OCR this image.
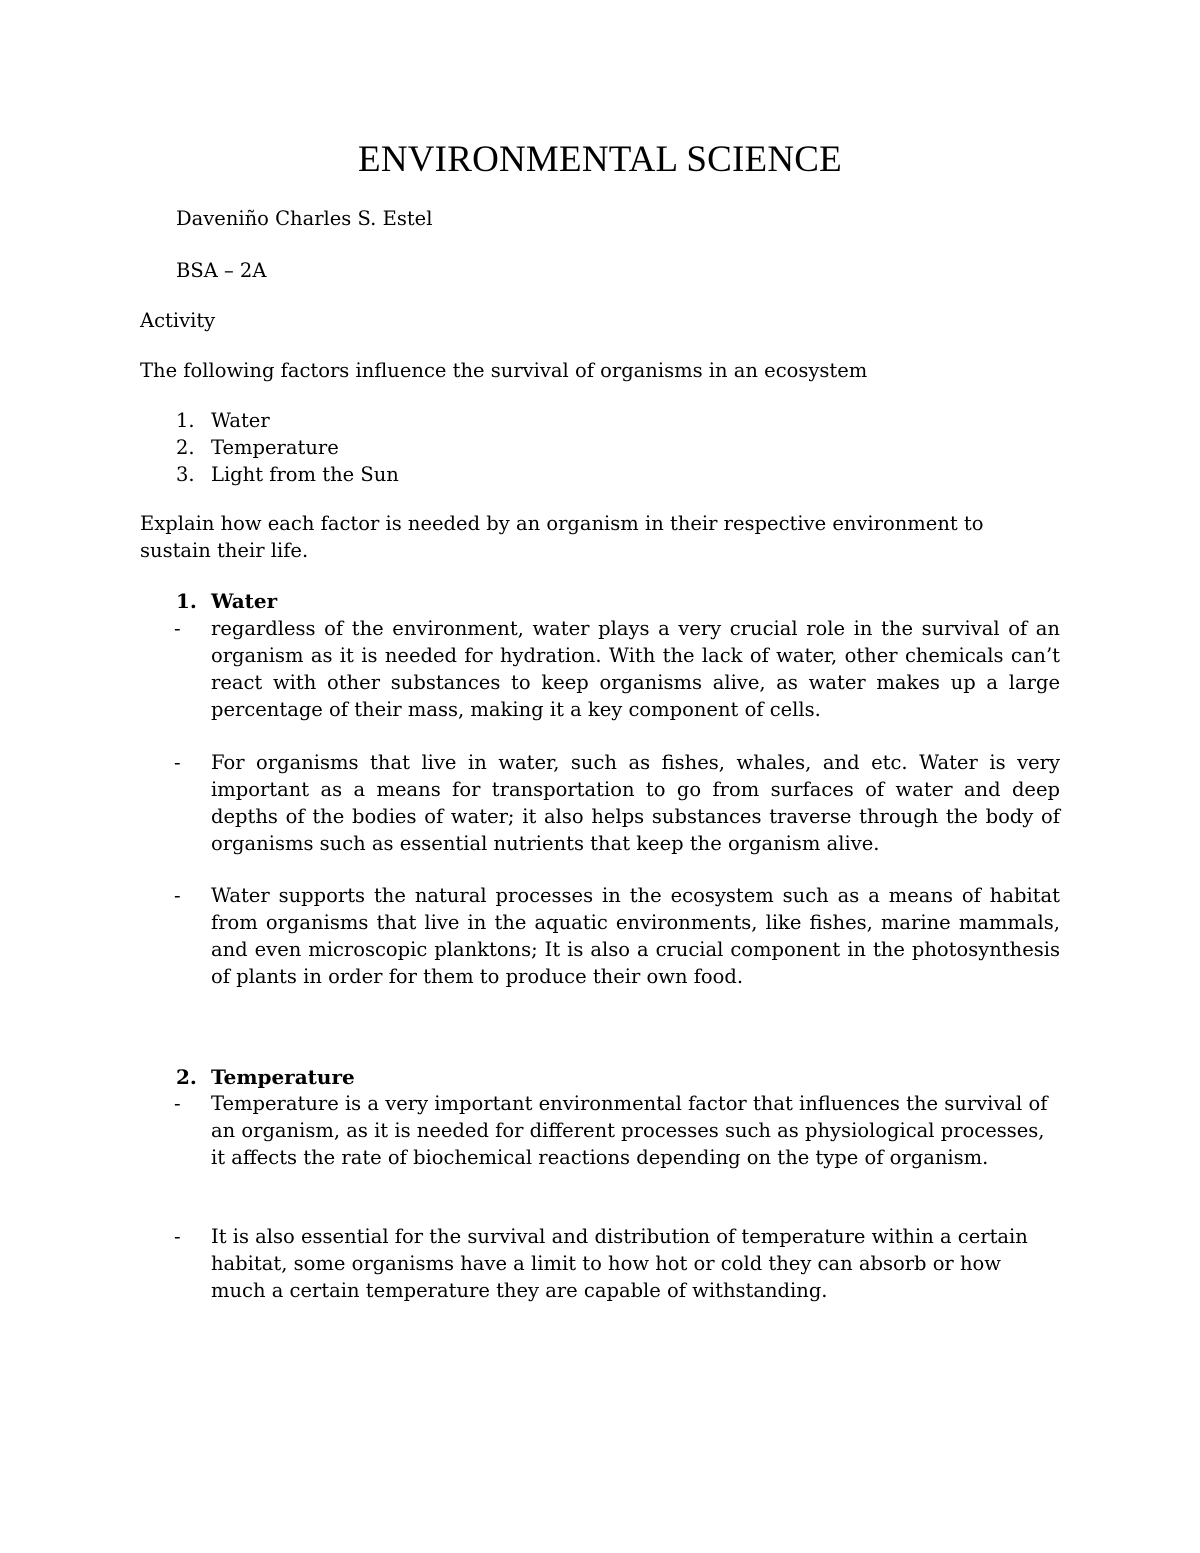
ENVIRONMENTAL SCIENCE
Daveniño Charles S. Estel
BSA – 2A
Activity
The following factors influence the survival of organisms in an ecosystem
1. Water
2. Temperature
3. Light from the Sun
Explain how each factor is needed by an organism in their respective environment to
sustain their life.
1. Water
- regardless of the environment, water plays a very crucial role in the survival of an organism as it is needed for hydration. With the lack of water, other chemicals can’t react with other substances to keep organisms alive, as water makes up a large percentage of their mass, making it a key component of cells.
- For organisms that live in water, such as fishes, whales, and etc. Water is very important as a means for transportation to go from surfaces of water and deep depths of the bodies of water; it also helps substances traverse through the body of organisms such as essential nutrients that keep the organism alive.
- Water supports the natural processes in the ecosystem such as a means of habitat from organisms that live in the aquatic environments, like fishes, marine mammals, and even microscopic planktons; It is also a crucial component in the photosynthesis of plants in order for them to produce their own food.
2. Temperature
- Temperature is a very important environmental factor that influences the survival of an organism, as it is needed for different processes such as physiological processes, it affects the rate of biochemical reactions depending on the type of organism.
- It is also essential for the survival and distribution of temperature within a certain habitat, some organisms have a limit to how hot or cold they can absorb or how much a certain temperature they are capable of withstanding.
